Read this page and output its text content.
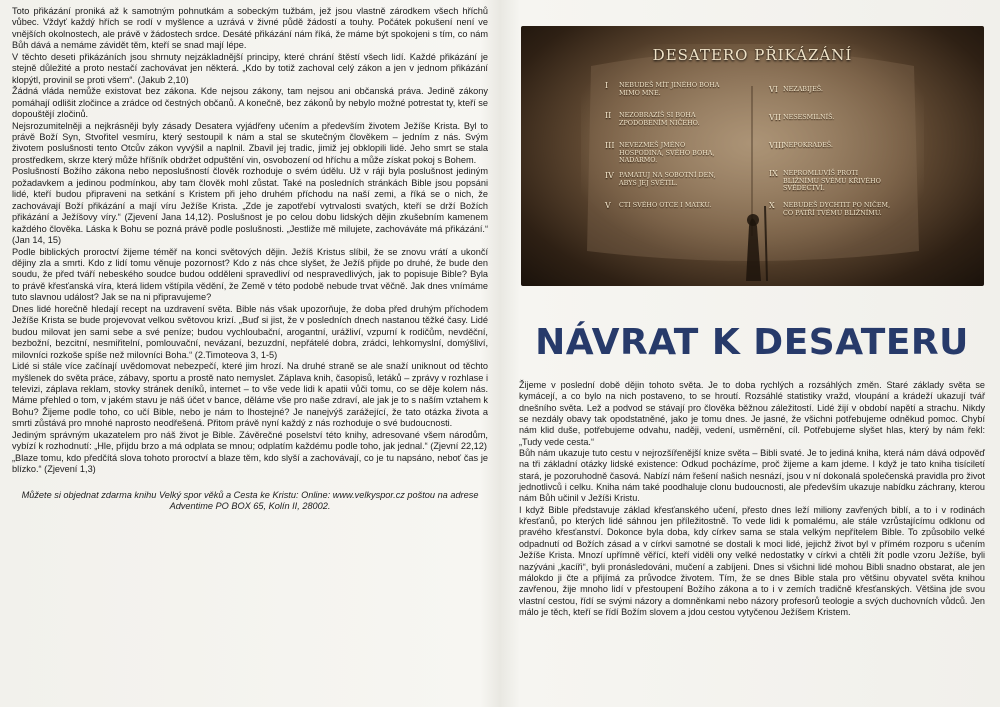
Toto přikázání proniká až k samotným pohnutkám a sobeckým tužbám, jež jsou vlastně zárodkem všech hříchů vůbec. Vždyť každý hřích se rodí v myšlence a uzrává v živné půdě žádostí a touhy. Počátek pokušení není ve vnějších okolnostech, ale právě v žádostech srdce. Desáté přikázání nám říká, že máme být spokojeni s tím, co nám Bůh dává a nemáme závidět těm, kteří se snad mají lépe.

V těchto deseti přikázáních jsou shrnuty nejzákladnější principy, které chrání štěstí všech lidí. Každé přikázání je stejně důležité a proto nestačí zachovávat jen některá. „Kdo by totiž zachoval celý zákon a jen v jednom přikázání klopýtl, provinil se proti všem“. (Jakub 2,10)

Žádná vláda nemůže existovat bez zákona. Kde nejsou zákony, tam nejsou ani občanská práva. Jedině zákony pomáhají odlišit zločince a zrádce od čestných občanů. A konečně, bez zákonů by nebylo možné potrestat ty, kteří se dopouštějí zločinů.

Nejsrozumitelněji a nejkrásněji byly zásady Desatera vyjádřeny učením a především životem Ježíše Krista. Byl to právě Boží Syn, Stvořitel vesmíru, který sestoupil k nám a stal se skutečným člověkem – jedním z nás. Svým životem poslušnosti tento Otcův zákon vyvýšil a naplnil. Zbavil jej tradic, jimiž jej obklopili lidé. Jeho smrt se stala prostředkem, skrze který může hříšník obdržet odpuštění vin, osvobození od hříchu a může získat pokoj s Bohem.

Poslušností Božího zákona nebo neposlušností člověk rozhoduje o svém údělu. Už v ráji byla poslušnost jediným požadavkem a jedinou podmínkou, aby tam člověk mohl zůstat. Také na posledních stránkách Bible jsou popsáni lidé, kteří budou připraveni na setkání s Kristem při jeho druhém příchodu na naší zemi, a říká se o nich, že zachovávají Boží přikázání a mají víru Ježíše Krista. „Zde je zapotřebí vytrvalosti svatých, kteří se drží Božích přikázání a Ježíšovy víry.“ (Zjevení Jana 14,12). Poslušnost je po celou dobu lidských dějin zkušebním kamenem každého člověka. Láska k Bohu se pozná právě podle poslušnosti. „Jestliže mě milujete, zachováváte má přikázání.“ (Jan 14, 15)

Podle biblických proroctví žijeme téměř na konci světových dějin. Ježíš Kristus slíbil, že se znovu vrátí a ukončí dějiny zla a smrti. Kdo z lidí tomu věnuje pozornost? Kdo z nás chce slyšet, že Ježíš přijde po druhé, že bude den soudu, že před tváří nebeského soudce budou odděleni spravedliví od nespravedlivých, jak to popisuje Bible? Byla to právě křesťanská víra, která lidem vštípila vědění, že Země v této podobě nebude trvat věčně. Jak dnes vnímáme tuto slavnou událost? Jak se na ni připravujeme?

Dnes lidé horečně hledají recept na uzdravení světa. Bible nás však upozorňuje, že doba před druhým příchodem Ježíše Krista se bude projevovat velkou světovou krizí. „Buď si jist, že v posledních dnech nastanou těžké časy. Lidé budou milovat jen sami sebe a své peníze; budou vychloubační, arogantní, urážliví, vzpurní k rodičům, nevděční, bezbožní, bezcitní, nesmiřitelní, pomlouvační, nevázaní, bezuzdní, nepřátelé dobra, zrádci, lehkomyslní, domýšliví, milovníci rozkoše spíše než milovníci Boha.“ (2.Timoteova 3, 1-5)

Lidé si stále více začínají uvědomovat nebezpečí, které jim hrozí. Na druhé straně se ale snaží uniknout od těchto myšlenek do světa práce, zábavy, sportu a prostě nato nemyslet. Záplava knih, časopisů, letáků – zprávy v rozhlase i televizi, záplava reklam, stovky stránek deníků, internet – to vše vede lidi k apatii vůči tomu, co se děje kolem nás. Máme přehled o tom, v jakém stavu je náš účet v bance, děláme vše pro naše zdraví, ale jak je to s naším vztahem k Bohu? Žijeme podle toho, co učí Bible, nebo je nám to lhostejné? Je nanejvýš zarážející, že tato otázka života a smrti zůstává pro mnohé naprosto neodřešená. Přitom právě nyní každý z nás rozhoduje o své budoucnosti.

Jediným správným ukazatelem pro náš život je Bible. Závěrečné poselství této knihy, adresované všem národům, vybízí k rozhodnutí: „Hle, přijdu brzo a má odplata se mnou; odplatím každému podle toho, jak jednal.“ (Zjevní 22,12)

„Blaze tomu, kdo předčítá slova tohoto proroctví a blaze těm, kdo slyší a zachovávají, co je tu napsáno, neboť čas je blízko.“ (Zjevení 1,3)

Můžete si objednat zdarma knihu Velký spor věků a Cesta ke Kristu: Online: www.velkyspor.cz poštou na adrese Adventime PO BOX 65, Kolín II, 28002.

DESATERO PŘIKÁZÁNÍ
I NEBUDEŠ MÍT JINÉHO BOHA MIMO MNE.
II NEZOBRAZÍŠ SI BOHA ZPODOBENÍM NIČEHO.
III NEVEZMEŠ JMÉNO HOSPODINA, SVÉHO BOHA, NADARMO.
IV PAMATUJ NA SOBOTNÍ DEN, ABYS JEJ SVĚTIL.
V CTI SVÉHO OTCE I MATKU.
VI NEZABIJEŠ.
VII NESESMILNÍŠ.
VIIINEPOKRADEŠ.
IX NEPROMLUVÍŠ PROTI BLIŽNÍMU SVÉMU KŘIVÉHO SVĚDECTVÍ.
X NEBUDEŠ DYCHTIT PO NIČEM, CO PATŘÍ TVÉMU BLIŽNÍMU.
NÁVRAT K DESATERU

Žijeme v poslední době dějin tohoto světa. Je to doba rychlých a rozsáhlých změn. Staré základy světa se kymácejí, a co bylo na nich postaveno, to se hroutí. Rozsáhlé statistiky vražd, vloupání a krádeží ukazují tvář dnešního světa. Lež a podvod se stávají pro člověka běžnou záležitostí. Lidé žijí v období napětí a strachu. Nikdy se nezdály obavy tak opodstatněné, jako je tomu dnes. Je jasné, že všichni potřebujeme odněkud pomoc. Chybí nám klid duše, potřebujeme odvahu, naději, vedení, usměrnění, cíl. Potřebujeme slyšet hlas, který by nám řekl: „Tudy vede cesta.“

Bůh nám ukazuje tuto cestu v nejrozšířenější knize světa – Bibli svaté. Je to jediná kniha, která nám dává odpověď na tři základní otázky lidské existence: Odkud pocházíme, proč žijeme a kam jdeme. I když je tato kniha tisíciletí stará, je pozoruhodně časová. Nabízí nám řešení našich nesnází, jsou v ní dokonalá společenská pravidla pro život jednotlivců i celku. Kniha nám také poodhaluje clonu budoucnosti, ale především ukazuje nabídku záchrany, kterou nám Bůh učinil v Ježíši Kristu.

I když Bible představuje základ křesťanského učení, přesto dnes leží miliony zavřených biblí, a to i v rodinách křesťanů, po kterých lidé sáhnou jen příležitostně. To vede lidi k pomalému, ale stále vzrůstajícímu odklonu od pravého křesťanství. Dokonce byla doba, kdy církev sama se stala velkým nepřítelem Bible. To způsobilo velké odpadnutí od Božích zásad a v církvi samotné se dostali k moci lidé, jejichž život byl v přímém rozporu s učením Ježíše Krista. Mnozí upřímně věřící, kteří viděli ony velké nedostatky v církvi a chtěli žít podle vzoru Ježíše, byli nazýváni „kacíři“, byli pronásledováni, mučení a zabíjeni. Dnes si všichni lidé mohou Bibli snadno obstarat, ale jen málokdo ji čte a přijímá za průvodce životem. Tím, že se dnes Bible stala pro většinu obyvatel světa knihou zavřenou, žije mnoho lidí v přestoupení Božího zákona a to i v zemích tradičně křesťanských. Většina jde svou vlastní cestou, řídí se svými názory a domněnkami nebo názory profesorů teologie a svých duchovních vůdců. Jen málo je těch, kteří se řídí Božím slovem a jdou cestou vytyčenou Ježíšem Kristem.
